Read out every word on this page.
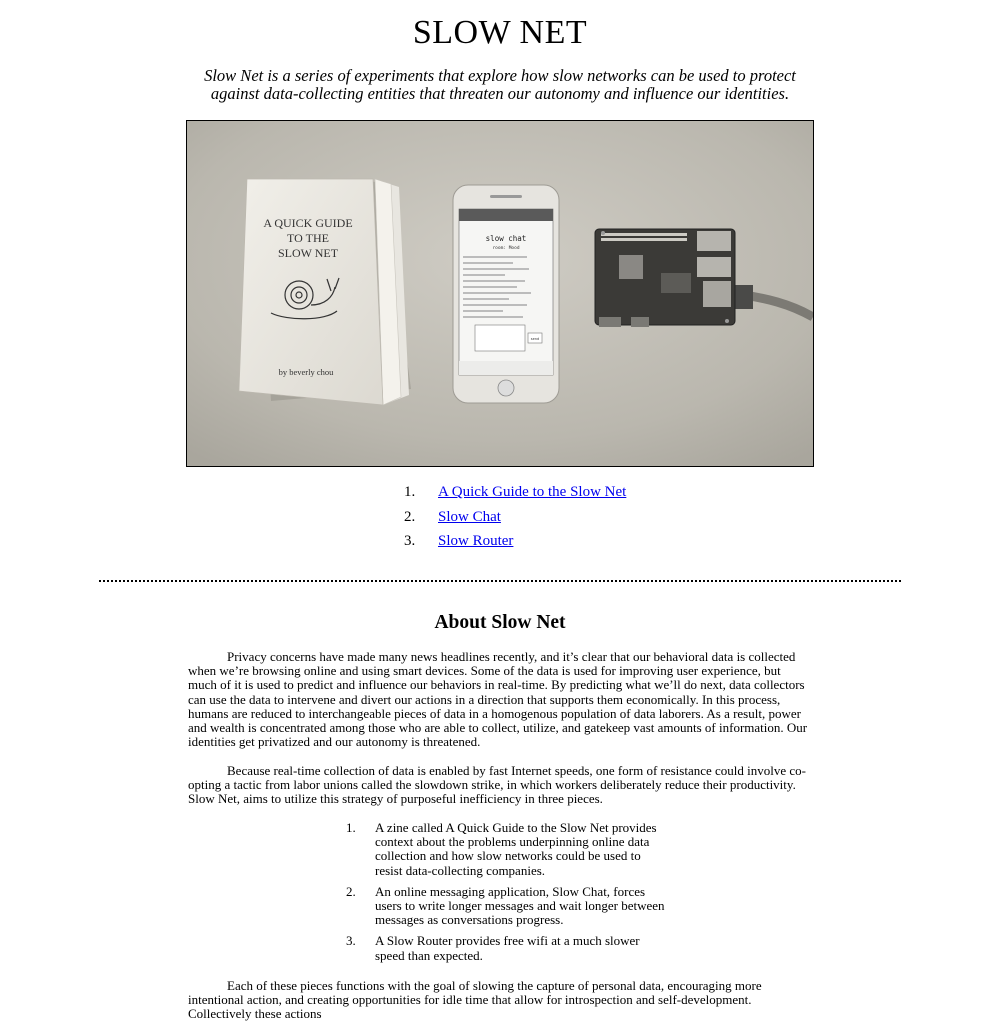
SLOW NET

Slow Net is a series of experiments that explore how slow networks can be used to protect against data-collecting entities that threaten our autonomy and influence our identities.

A QUICK GUIDE
TO THE
SLOW NET
by beverly chou
slow chat
room: Mood
send
1.	A Quick Guide to the Slow Net
2.	Slow Chat
3.	Slow Router
About Slow Net

Privacy concerns have made many news headlines recently, and it’s clear that our behavioral data is collected when we’re browsing online and using smart devices. Some of the data is used for improving user experience, but much of it is used to predict and influence our behaviors in real-time. By predicting what we’ll do next, data collectors can use the data to intervene and divert our actions in a direction that supports them economically. In this process, humans are reduced to interchangeable pieces of data in a homogenous population of data laborers. As a result, power and wealth is concentrated among those who are able to collect, utilize, and gatekeep vast amounts of information. Our identities get privatized and our autonomy is threatened.

Because real-time collection of data is enabled by fast Internet speeds, one form of resistance could involve co-opting a tactic from labor unions called the slowdown strike, in which workers deliberately reduce their productivity. Slow Net, aims to utilize this strategy of purposeful inefficiency in three pieces.

1.	A zine called A Quick Guide to the Slow Net provides context about the problems underpinning online data collection and how slow networks could be used to resist data-collecting companies.
2.	An online messaging application, Slow Chat, forces users to write longer messages and wait longer between messages as conversations progress.
3.	A Slow Router provides free wifi at a much slower speed than expected.

Each of these pieces functions with the goal of slowing the capture of personal data, encouraging more intentional action, and creating opportunities for idle time that allow for introspection and self-development. Collectively these actions
